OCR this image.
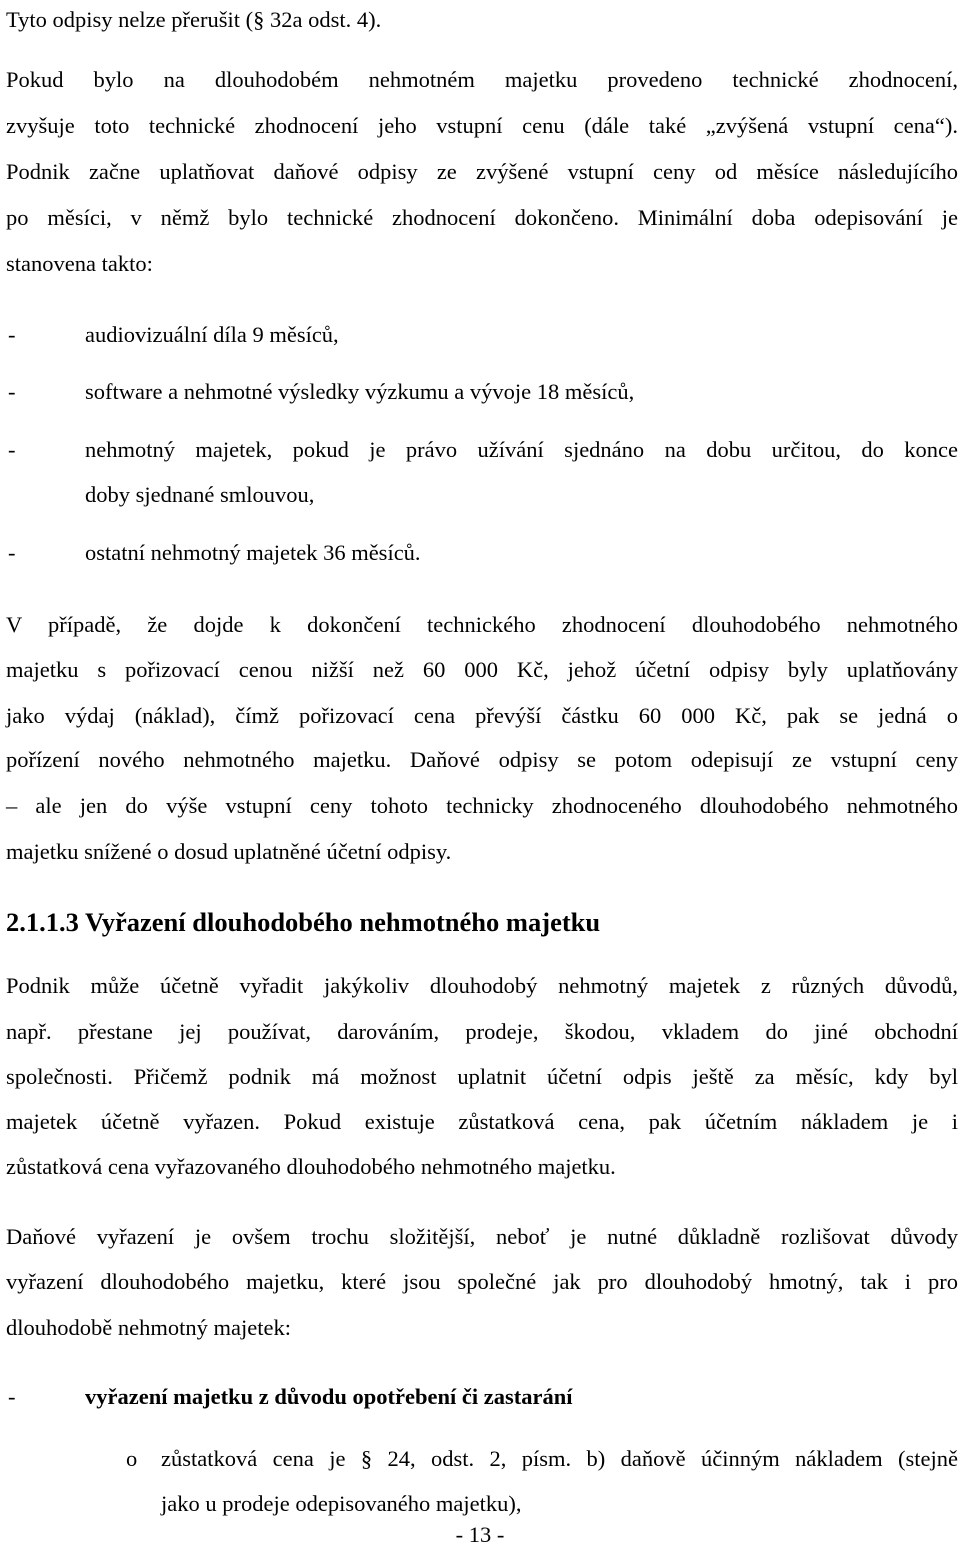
Tyto odpisy nelze přerušit (§ 32a odst. 4).
Pokud bylo na dlouhodobém nehmotném majetku provedeno technické zhodnocení,
zvyšuje toto technické zhodnocení jeho vstupní cenu (dále také „zvýšená vstupní cena“).
Podnik začne uplatňovat daňové odpisy ze zvýšené vstupní ceny od měsíce následujícího
po měsíci, v němž bylo technické zhodnocení dokončeno. Minimální doba odepisování je
stanovena takto:
-	audiovizuální díla 9 měsíců,
-	software a nehmotné výsledky výzkumu a vývoje 18 měsíců,
-	nehmotný majetek, pokud je právo užívání sjednáno na dobu určitou, do konce
doby sjednané smlouvou,
-	ostatní nehmotný majetek 36 měsíců.
V případě, že dojde k dokončení technického zhodnocení dlouhodobého nehmotného
majetku s pořizovací cenou nižší než 60 000 Kč, jehož účetní odpisy byly uplatňovány
jako výdaj (náklad), čímž pořizovací cena převýší částku 60 000 Kč, pak se jedná o
pořízení nového nehmotného majetku. Daňové odpisy se potom odepisují ze vstupní ceny
– ale jen do výše vstupní ceny tohoto technicky zhodnoceného dlouhodobého nehmotného
majetku snížené o dosud uplatněné účetní odpisy.
2.1.1.3 Vyřazení dlouhodobého nehmotného majetku
Podnik může účetně vyřadit jakýkoliv dlouhodobý nehmotný majetek z různých důvodů,
např. přestane jej používat, darováním, prodeje, škodou, vkladem do jiné obchodní
společnosti. Přičemž podnik má možnost uplatnit účetní odpis ještě za měsíc, kdy byl
majetek účetně vyřazen. Pokud existuje zůstatková cena, pak účetním nákladem je i
zůstatková cena vyřazovaného dlouhodobého nehmotného majetku.
Daňové vyřazení je ovšem trochu složitější, neboť je nutné důkladně rozlišovat důvody
vyřazení dlouhodobého majetku, které jsou společné jak pro dlouhodobý hmotný, tak i pro
dlouhodobě nehmotný majetek:
-	vyřazení majetku z důvodu opotřebení či zastarání
o zůstatková cena je § 24, odst. 2, písm. b) daňově účinným nákladem (stejně
jako u prodeje odepisovaného majetku),
- 13 -
